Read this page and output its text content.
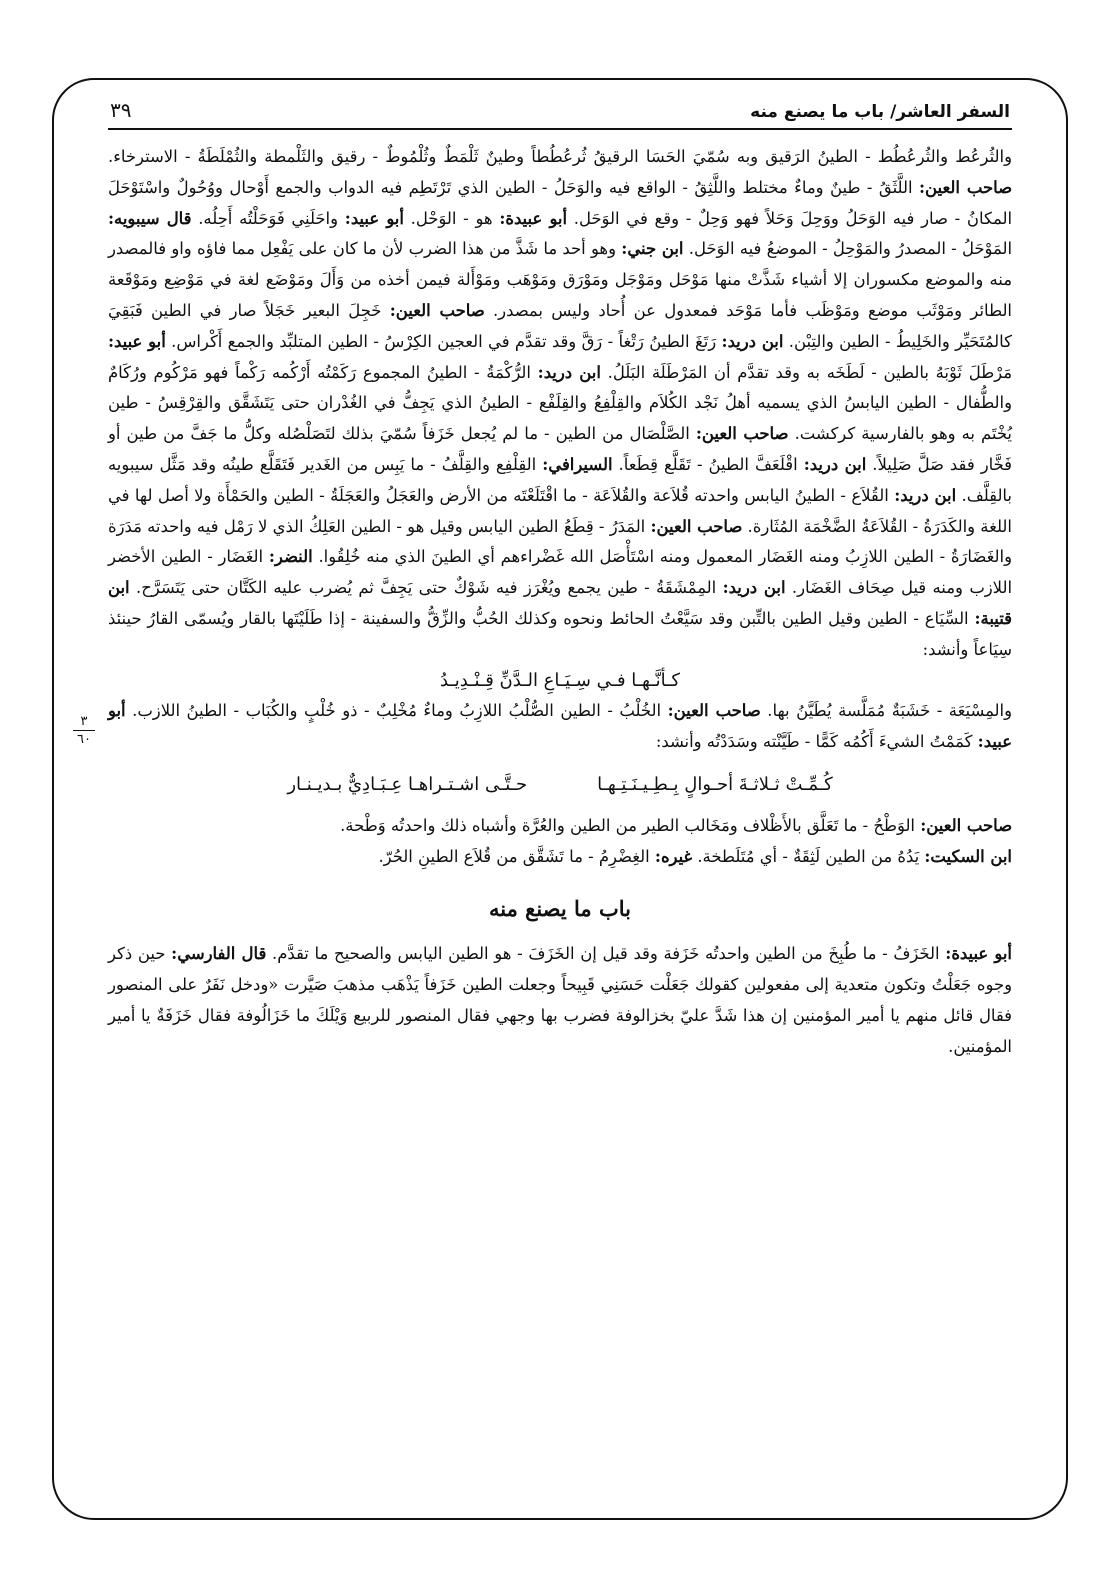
السفر العاشر/ باب ما يصنع منه
٣٩
٣
٦٠

والثُرعُط والثُرعُطُط - الطينُ الرَقيق وبه سُمّيَ الحَسَا الرقيقُ ثُرعُطُطاً وطينٌ ثَلْمَطٌ وثُلْمُوطٌ - رقيق والثَلْمطة والثُمْلَطَةُ - الاسترخاء. صاحب العين: اللَّثَقُ - طينٌ وماءٌ مختلط واللَّثِقُ - الواقع فيه والوَحَلُ - الطين الذي تَرْتَطِم فيه الدواب والجمع أَوْحال ووُحُولٌ واسْتَوْحَلَ المكانُ - صار فيه الوَحَلُ ووَحِلَ وَحَلاً فهو وَحِلٌ - وقع في الوَحَل. أبو عبيدة: هو - الوَحْل. أبو عبيد: واحَلَنِي فَوَحَلْتُه أَحِلُه. قال سيبويه: المَوْحَلُ - المصدرُ والمَوْحِلُ - الموضعُ فيه الوَحَل. ابن جني: وهو أحد ما شَذَّ من هذا الضرب لأن ما كان على يَفْعِل مما فاؤه واو فالمصدر منه والموضع مكسوران إلا أشياء شَذَّتْ منها مَوْحَل ومَوْجَل ومَوْرَق ومَوْهَب ومَوْأَلة فيمن أخذه من وَأَلَ ومَوْضَع لغة في مَوْضِع ومَوْقَعة الطائر ومَوْثَب موضع ومَوْظَب فأما مَوْحَد فمعدول عن أُحاد وليس بمصدر. صاحب العين: خَجِلَ البعير خَجَلاً صار في الطين فَبَقِيَ كالمُتَحَيِّر والخَلِيطُ - الطين والتِبْن. ابن دريد: رَتَغَ الطينُ رَتْغاً - رَقَّ وقد تقدَّم في العجين الكِرْسُ - الطين المتلبِّد والجمع أَكْراس. أبو عبيد: مَرْطَلَ ثَوْبَهُ بالطين - لَطَخَه به وقد تقدَّم أن المَرْطَلَة البَلَلُ. ابن دريد: الرُّكْمَةُ - الطينُ المجموع رَكَمْتُه أَرْكُمه رَكْماً فهو مَرْكُوم ورُكَامٌ والطُّفال - الطين اليابسُ الذي يسميه أهلُ نَجْد الكُلاَم والقِلْفِعُ والقِلَفْع - الطينُ الذي يَجِفُّ في الغُدْران حتى يَتَشَقَّق والقِرْقِسُ - طين يُخْتَم به وهو بالفارسية كركشت. صاحب العين: الصَّلْصَال من الطين - ما لم يُجعل خَزَفاً سُمّيَ بذلك لتَصَلْصُله وكلُّ ما جَفَّ من طين أو فَخَّار فقد صَلَّ صَلِيلاً. ابن دريد: اقْلَعَفَّ الطينُ - تَقَلَّع قِطَعاً. السيرافي: القِلْفِع والقِلَّفُ - ما يَبِس من الغَدير فَتَقَلَّع طينُه وقد مَثَّل سيبويه بالقِلَّف. ابن دريد: القُلاَع - الطينُ اليابس واحدته قُلاَعة والقُلاَعَة - ما اقْتَلَعْتَه من الأرض والعَجَلُ والعَجَلَةُ - الطين والحَمْأَة ولا أصل لها في اللغة والكَدَرَةُ - القُلاَعَةُ الضَّخْمَة المُثَارة. صاحب العين: المَدَرُ - قِطَعُ الطين اليابس وقيل هو - الطين العَلِكُ الذي لا رَمْل فيه واحدته مَدَرَة والغَضَارَةُ - الطين اللازِبُ ومنه الغَضَار المعمول ومنه اسْتَأْصَل الله غَضْراءهم أي الطينَ الذي منه خُلِقُوا. النضر: الغَضَار - الطين الأخضر اللازب ومنه قيل صِحَاف الغَضَار. ابن دريد: المِمْشَقَةُ - طين يجمع ويُغْرَز فيه شَوْكٌ حتى يَجِفَّ ثم يُضرب عليه الكَتَّان حتى يَتَسَرَّح. ابن قتيبة: السِّيَاع - الطين وقيل الطين بالتِّبن وقد سَيَّعْتُ الحائط ونحوه وكذلك الحُبُّ والزِّقُّ والسفينة - إذا طَلَيْتَها بالقار ويُسمّى القارُ حينئذ سِيَاعاً وأنشد:

كـأنَّـهـا فـي سِـيَـاعِ الـدَّنِّ قِـنْـدِيـدُ

والمِسْيَعَة - خَشَبَةٌ مُمَلَّسة يُطَيَّنُ بها. صاحب العين: الخُلْبُ - الطين الصُّلْبُ اللازِبُ وماءٌ مُخْلِبٌ - ذو خُلْبٍ والكُبَاب - الطينُ اللازب. أبو عبيد: كَمَمْتُ الشيءَ أَكُمُه كَمًّا - طَيَّنْته وسَدَدْتُه وأنشد:

كُـمِّـتْ ثـلاثـةَ أحـوالٍ بِـطِـيـنَـتِـهـا
حـتَّـى اشـتـراهـا عِـبَـادِيٌّ بـديـنـار

صاحب العين: الوَطْحُ - ما تَعَلَّق بالأَظْلاف ومَخَالب الطير من الطين والعُرَّة وأشباه ذلك واحدتُه وَطْحة.

ابن السكيت: يَدُهُ من الطين لَثِقَةٌ - أي مُتَلَطخة. غيره: الغِضْرِمُ - ما تَشَقَّق من قُلاَع الطينِ الحُرّ.

باب ما يصنع منه

أبو عبيدة: الخَزَفُ - ما طُبِخَ من الطين واحدتُه خَزَفة وقد قيل إن الخَزَفَ - هو الطين اليابس والصحيح ما تقدَّم. قال الفارسي: حين ذكر وجوه جَعَلْتُ وتكون متعدية إلى مفعولين كقولك جَعَلْت حَسَنِي قَبِيحاً وجعلت الطين خَزَفاً يَذْهَب مذهبَ صَيَّرت «ودخل نَفَرٌ على المنصور فقال قائل منهم يا أمير المؤمنين إن هذا شَدَّ عليّ بخزالوفة فضرب بها وجهي فقال المنصور للربيع وَيْلَكَ ما خَزَالُوفة فقال خَزَفَةٌ يا أمير المؤمنين.
